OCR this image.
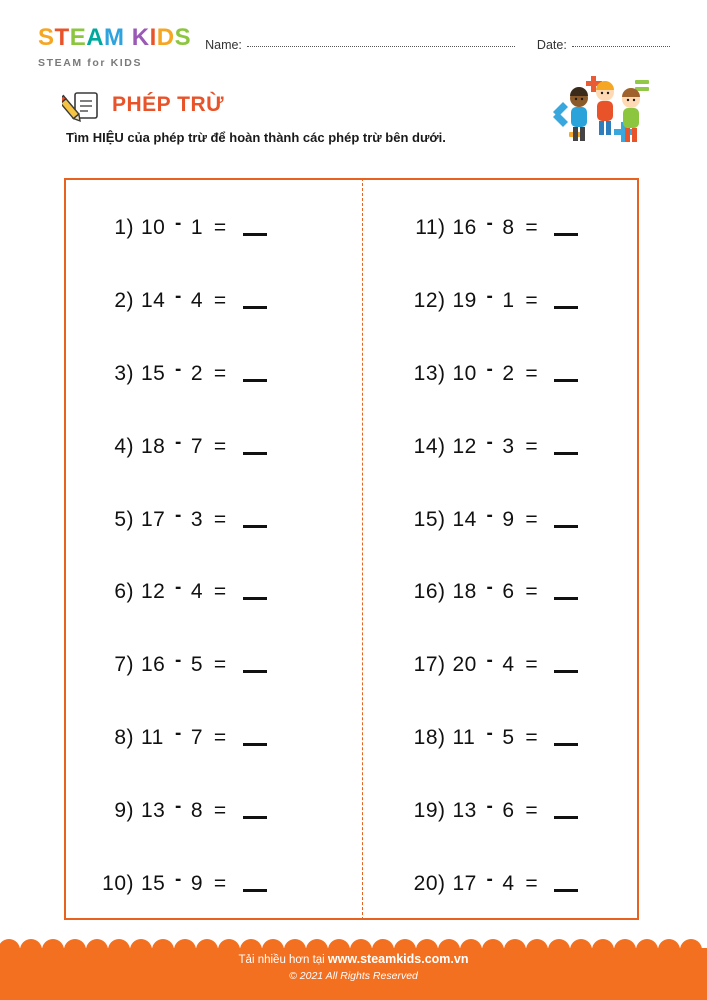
STEAM KIDS
STEAM for KIDS
Name:	Date:
PHÉP TRỪ
Tìm HIỆU của phép trừ để hoàn thành các phép trừ bên dưới.
1) 10 - 1 =
2) 14 - 4 =
3) 15 - 2 =
4) 18 - 7 =
5) 17 - 3 =
6) 12 - 4 =
7) 16 - 5 =
8) 11 - 7 =
9) 13 - 8 =
10) 15 - 9 =
11) 16 - 8 =
12) 19 - 1 =
13) 10 - 2 =
14) 12 - 3 =
15) 14 - 9 =
16) 18 - 6 =
17) 20 - 4 =
18) 11 - 5 =
19) 13 - 6 =
20) 17 - 4 =
Tải nhiều hơn tại www.steamkids.com.vn
© 2021 All Rights Reserved
